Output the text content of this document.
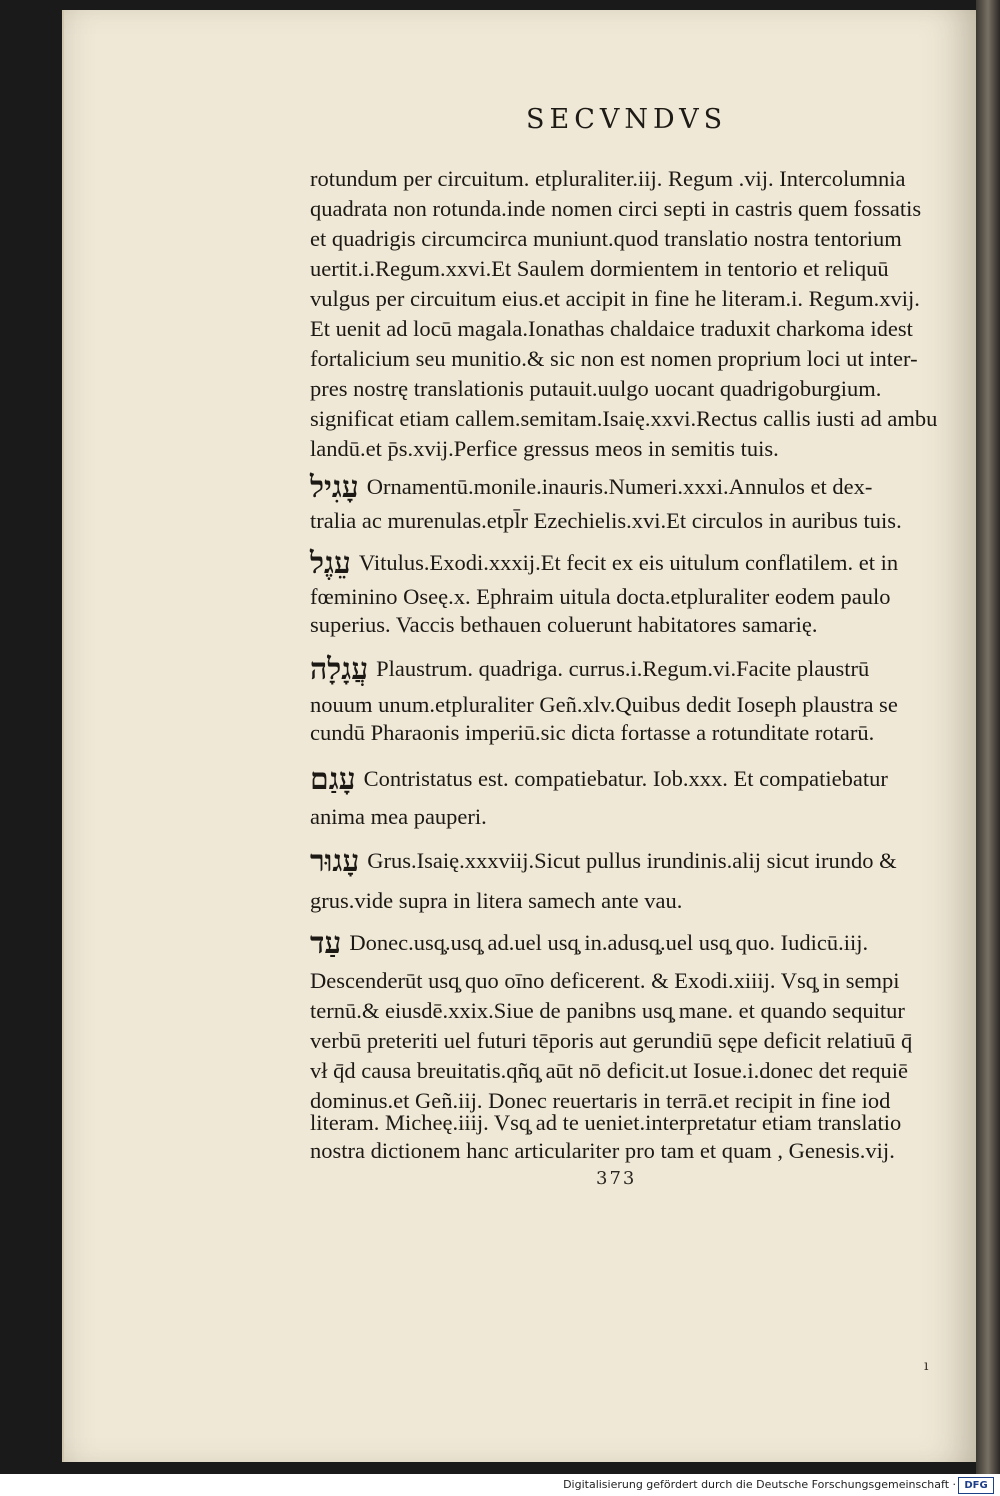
SECVNDVS
rotundum per circuitum. etpluraliter.iij. Regum .vij. Intercolumnia
quadrata non rotunda.inde nomen circi septi in castris quem fossatis
et quadrigis circumcirca muniunt.quod translatio nostra tentorium
uertit.i.Regum.xxvi.Et Saulem dormientem in tentorio et reliquū
vulgus per circuitum eius.et accipit in fine he literam.i. Regum.xvij.
Et uenit ad locū magala.Ionathas chaldaice traduxit charkoma idest
fortalicium seu munitio.& sic non est nomen proprium loci ut inter-
pres nostrę translationis putauit.uulgo uocant quadrigoburgium.
significat etiam callem.semitam.Isaię.xxvi.Rectus callis iusti ad ambu
landū.et p̄s.xvij.Perfice gressus meos in semitis tuis.
עָגִיל Ornamentū.monile.inauris.Numeri.xxxi.Annulos et dex-
tralia ac murenulas.etpl̄r Ezechielis.xvi.Et circulos in auribus tuis.
עֵגֶל Vitulus.Exodi.xxxij.Et fecit ex eis uitulum conflatilem. et in
fœminino Oseę.x. Ephraim uitula docta.etpluraliter eodem paulo
superius. Vaccis bethauen coluerunt habitatores samarię.
עֲגָלָה Plaustrum. quadriga. currus.i.Regum.vi.Facite plaustrū
nouum unum.etpluraliter Geñ.xlv.Quibus dedit Ioseph plaustra se
cundū Pharaonis imperiū.sic dicta fortasse a rotunditate rotarū.
עָגַם Contristatus est. compatiebatur. Iob.xxx. Et compatiebatur
anima mea pauperi.
עָגוּר Grus.Isaię.xxxviij.Sicut pullus irundinis.alij sicut irundo &
grus.vide supra in litera samech ante vau.
עַד Donec.usq̧.usq̧ ad.uel usq̧ in.adusq̧.uel usq̧ quo. Iudicū.iij.
Descenderūt usq̧ quo oīno deficerent. & Exodi.xiiij. Vsq̧ in sempi
ternū.& eiusdē.xxix.Siue de panibns usq̧ mane. et quando sequitur
verbū preteriti uel futuri tēporis aut gerundiū sępe deficit relatiuū q̄
vł q̄d causa breuitatis.qñq̧ aūt nō deficit.ut Iosue.i.donec det requiē
dominus.et Geñ.iij. Donec reuertaris in terrā.et recipit in fine iod
literam. Micheę.iiij. Vsq̧ ad te ueniet.interpretatur etiam translatio
nostra dictionem hanc articulariter pro tam et quam , Genesis.vij.
373
ı
Digitalisierung gefördert durch die Deutsche Forschungsgemeinschaft · DFG
